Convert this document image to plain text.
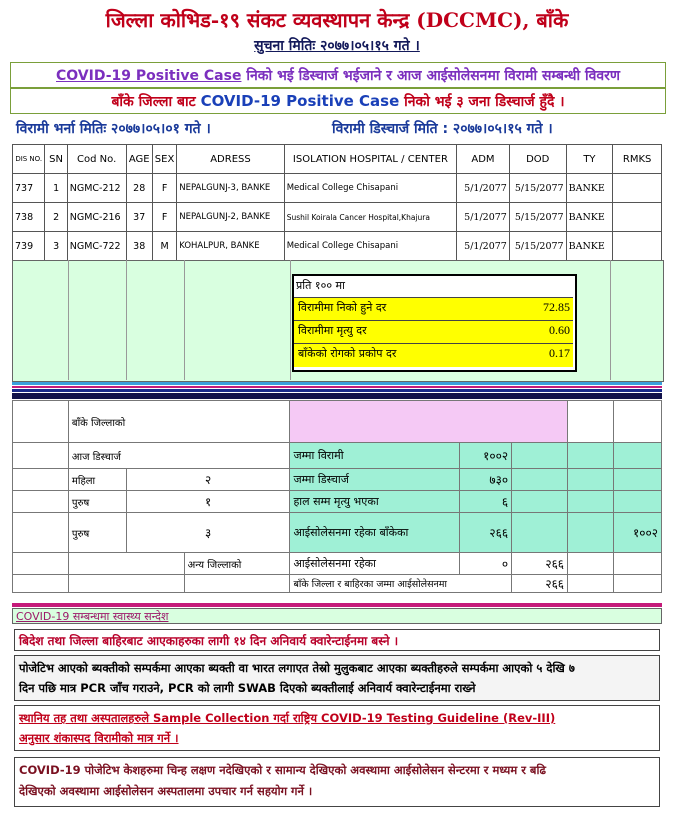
जिल्ला कोभिड-१९ संकट व्यवस्थापन केन्द्र (DCCMC), बाँके
सुचना मितिः २०७७।०५।१५ गते ।
COVID-19 Positive Case निको भई डिस्चार्ज भईजाने र आज आईसोलेसनमा विरामी सम्बन्धी विवरण
बाँके जिल्ला बाट COVID-19 Positive Case निको भई ३ जना डिस्चार्ज हुँदै ।
विरामी भर्ना मितिः २०७७।०५।०१ गते ।	विरामी डिस्चार्ज मिति : २०७७।०५।१५ गते ।
DIS NO.	SN	Cod No.	AGE	SEX	ADRESS	ISOLATION HOSPITAL / CENTER	ADM	DOD	TY	RMKS
737	1	NGMC-212	28	F	NEPALGUNJ-3, BANKE	Medical College Chisapani	5/1/2077	5/15/2077	BANKE	
738	2	NGMC-216	37	F	NEPALGUNJ-2, BANKE	Sushil Koirala Cancer Hospital,Khajura	5/1/2077	5/15/2077	BANKE	
739	3	NGMC-722	38	M	KOHALPUR, BANKE	Medical College Chisapani	5/1/2077	5/15/2077	BANKE	
प्रति १०० मा
विरामीमा निको हुने दर	72.85
विरामीमा मृत्यु दर	0.60
बाँकेको रोगको प्रकोप दर	0.17
	बाँके जिल्लाको							
	आज डिस्चार्ज			जम्मा विरामी	१००२			
	महिला	२		जम्मा डिस्चार्ज	७३०			
	पुरुष	१		हाल सम्म मृत्यु भएका	६			
	पुरुष	३		आईसोलेसनमा रहेका बाँकेका	२६६			१००२
			अन्य जिल्लाको	आईसोलेसनमा रहेका	०	२६६		
				बाँके जिल्ला र बाहिरका जम्मा आईसोलेसनमा		२६६		
COVID-19 सम्बन्धमा स्वास्थ्य सन्देश
बिदेश तथा जिल्ला बाहिरबाट आएकाहरुका लागी १४ दिन अनिवार्य क्वारेन्टाईनमा बस्ने ।
पोजेटिभ आएको ब्यक्तीको सम्पर्कमा आएका ब्यक्ती वा भारत लगाएत तेस्रो मुलुकबाट आएका ब्यक्तीहरुले सम्पर्कमा आएको ५ देखि ७
दिन पछि मात्र PCR जाँच गराउने, PCR को लागी SWAB दिएको ब्यक्तीलाई अनिवार्य क्वारेन्टाईनमा राख्ने
स्थानिय तह तथा अस्पतालहरुले Sample Collection गर्दा राष्ट्रिय COVID-19 Testing Guideline (Rev-III)
अनुसार शंकास्पद विरामीको मात्र गर्ने ।
COVID-19 पोजेटिभ केशहरुमा चिन्ह लक्षण नदेखिएको र सामान्य देखिएको अवस्थामा आईसोलेसन सेन्टरमा र मध्यम र बढि
देखिएको अवस्थामा आईसोलेसन अस्पतालमा उपचार गर्न सहयोग गर्ने ।
